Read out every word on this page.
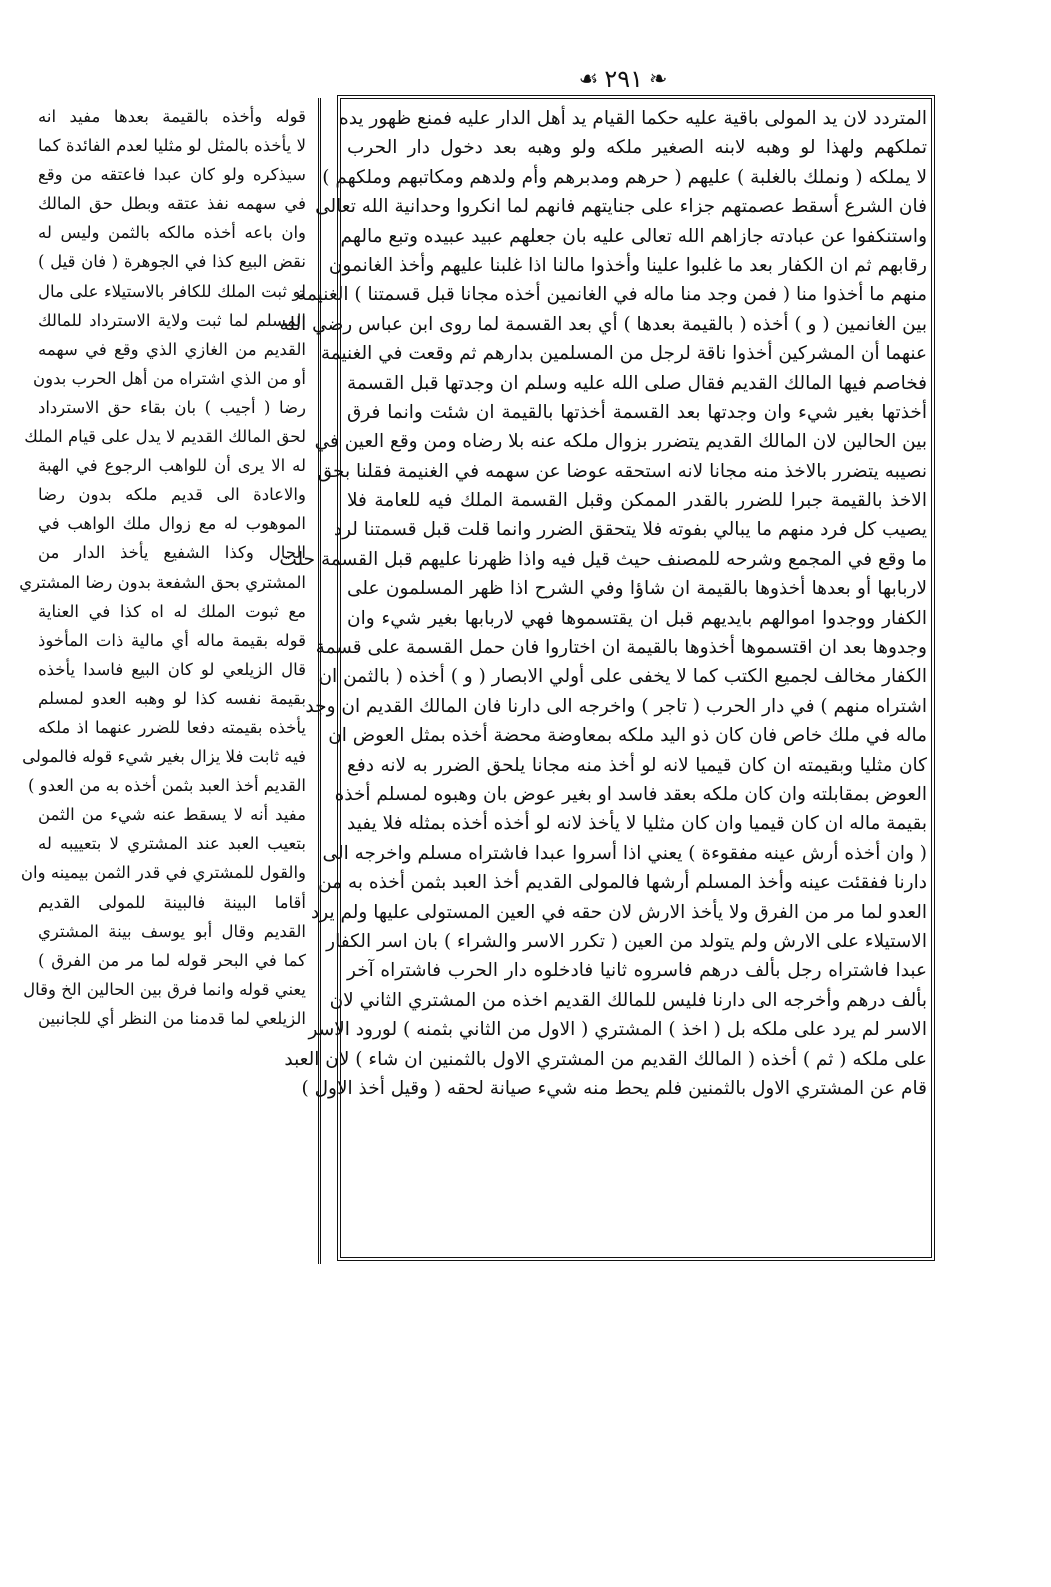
❧
٢٩١
☙
المتردد لان يد المولى باقية عليه حكما القيام يد أهل الدار عليه فمنع ظهور يده
تملكهم ولهذا لو وهبه لابنه الصغير ملكه ولو وهبه بعد دخول دار الحرب
لا يملكه ( ونملك بالغلبة ) عليهم ( حرهم ومدبرهم وأم ولدهم ومكاتبهم وملكهم )
فان الشرع أسقط عصمتهم جزاء على جنايتهم فانهم لما انكروا وحدانية الله تعالى
واستنكفوا عن عبادته جازاهم الله تعالى عليه بان جعلهم عبيد عبيده وتبع مالهم
رقابهم ثم ان الكفار بعد ما غلبوا علينا وأخذوا مالنا اذا غلبنا عليهم وأخذ الغانمون
منهم ما أخذوا منا ( فمن وجد منا ماله في الغانمين أخذه مجانا قبل قسمتنا ) الغنيمة
بين الغانمين ( و ) أخذه ( بالقيمة بعدها ) أي بعد القسمة لما روى ابن عباس رضي الله
عنهما أن المشركين أخذوا ناقة لرجل من المسلمين بدارهم ثم وقعت في الغنيمة
فخاصم فيها المالك القديم فقال صلى الله عليه وسلم ان وجدتها قبل القسمة
أخذتها بغير شيء وان وجدتها بعد القسمة أخذتها بالقيمة ان شئت وانما فرق
بين الحالين لان المالك القديم يتضرر بزوال ملكه عنه بلا رضاه ومن وقع العين في
نصيبه يتضرر بالاخذ منه مجانا لانه استحقه عوضا عن سهمه في الغنيمة فقلنا بحق
الاخذ بالقيمة جبرا للضرر بالقدر الممكن وقبل القسمة الملك فيه للعامة فلا
يصيب كل فرد منهم ما يبالي بفوته فلا يتحقق الضرر وانما قلت قبل قسمتنا لرد
ما وقع في المجمع وشرحه للمصنف حيث قيل فيه واذا ظهرنا عليهم قبل القسمة حلت
لاربابها أو بعدها أخذوها بالقيمة ان شاؤا وفي الشرح اذا ظهر المسلمون على
الكفار ووجدوا اموالهم بايديهم قبل ان يقتسموها فهي لاربابها بغير شيء وان
وجدوها بعد ان اقتسموها أخذوها بالقيمة ان اختاروا فان حمل القسمة على قسمة
الكفار مخالف لجميع الكتب كما لا يخفى على أولي الابصار ( و ) أخذه ( بالثمن ان
اشتراه منهم ) في دار الحرب ( تاجر ) واخرجه الى دارنا فان المالك القديم ان وجد
ماله في ملك خاص فان كان ذو اليد ملكه بمعاوضة محضة أخذه بمثل العوض ان
كان مثليا وبقيمته ان كان قيميا لانه لو أخذ منه مجانا يلحق الضرر به لانه دفع
العوض بمقابلته وان كان ملكه بعقد فاسد او بغير عوض بان وهبوه لمسلم أخذه
بقيمة ماله ان كان قيميا وان كان مثليا لا يأخذ لانه لو أخذه أخذه بمثله فلا يفيد
( وان أخذه أرش عينه مفقوءة ) يعني اذا أسروا عبدا فاشتراه مسلم واخرجه الى
دارنا ففقئت عينه وأخذ المسلم أرشها فالمولى القديم أخذ العبد بثمن أخذه به من
العدو لما مر من الفرق ولا يأخذ الارش لان حقه في العين المستولى عليها ولم يرد
الاستيلاء على الارش ولم يتولد من العين ( تكرر الاسر والشراء ) بان اسر الكفار
عبدا فاشتراه رجل بألف درهم فاسروه ثانيا فادخلوه دار الحرب فاشتراه آخر
بألف درهم وأخرجه الى دارنا فليس للمالك القديم اخذه من المشتري الثاني لان
الاسر لم يرد على ملكه بل ( اخذ ) المشتري ( الاول من الثاني بثمنه ) لورود الاسر
على ملكه ( ثم ) أخذه ( المالك القديم من المشتري الاول بالثمنين ان شاء ) لان العبد
قام عن المشتري الاول بالثمنين فلم يحط منه شيء صيانة لحقه ( وقيل أخذ الاول )
قوله وأخذه بالقيمة بعدها مفيد انه
لا يأخذه بالمثل لو مثليا لعدم الفائدة كما
سيذكره ولو كان عبدا فاعتقه من وقع
في سهمه نفذ عتقه وبطل حق المالك
وان باعه أخذه مالكه بالثمن وليس له
نقض البيع كذا في الجوهرة ( فان قيل )
لو ثبت الملك للكافر بالاستيلاء على مال
المسلم لما ثبت ولاية الاسترداد للمالك
القديم من الغازي الذي وقع في سهمه
أو من الذي اشتراه من أهل الحرب بدون
رضا ( أجيب ) بان بقاء حق الاسترداد
لحق المالك القديم لا يدل على قيام الملك
له الا يرى أن للواهب الرجوع في الهبة
والاعادة الى قديم ملكه بدون رضا
الموهوب له مع زوال ملك الواهب في
الحال وكذا الشفيع يأخذ الدار من
المشتري بحق الشفعة بدون رضا المشتري
مع ثبوت الملك له اه كذا في العناية
قوله بقيمة ماله أي مالية ذات المأخوذ
قال الزيلعي لو كان البيع فاسدا يأخذه
بقيمة نفسه كذا لو وهبه العدو لمسلم
يأخذه بقيمته دفعا للضرر عنهما اذ ملكه
فيه ثابت فلا يزال بغير شيء قوله فالمولى
القديم أخذ العبد بثمن أخذه به من العدو )
مفيد أنه لا يسقط عنه شيء من الثمن
بتعيب العبد عند المشتري لا بتعييبه له
والقول للمشتري في قدر الثمن بيمينه وان
أقاما البينة فالبينة للمولى القديم
القديم وقال أبو يوسف بينة المشتري
كما في البحر قوله لما مر من الفرق )
يعني قوله وانما فرق بين الحالين الخ وقال
الزيلعي لما قدمنا من النظر أي للجانبين
